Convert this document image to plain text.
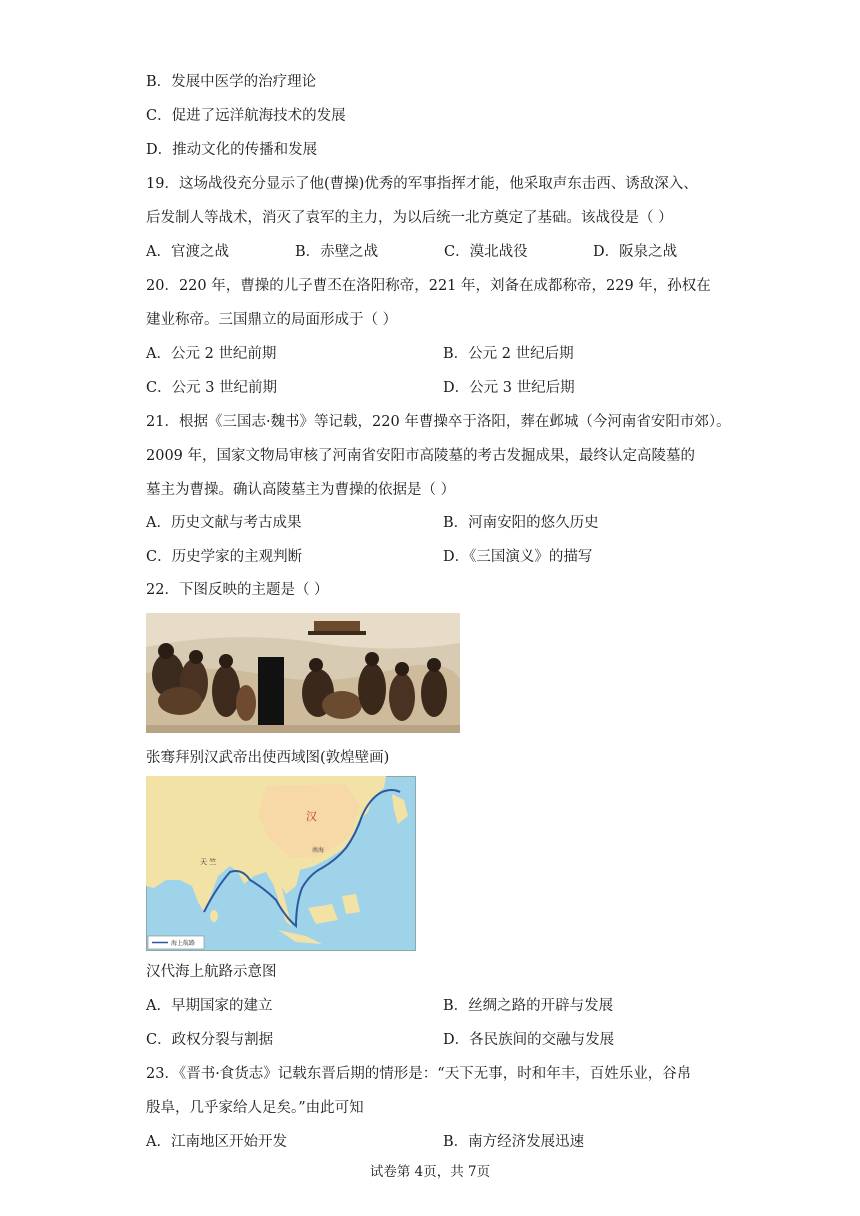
B．发展中医学的治疗理论
C．促进了远洋航海技术的发展
D．推动文化的传播和发展
19．这场战役充分显示了他(曹操)优秀的军事指挥才能，他采取声东击西、诱敌深入、
后发制人等战术，消灭了袁军的主力，为以后统一北方奠定了基础。该战役是（ ）
A．官渡之战	B．赤壁之战	C．漠北战役	D．阪泉之战
20．220 年，曹操的儿子曹丕在洛阳称帝，221 年，刘备在成都称帝，229 年，孙权在
建业称帝。三国鼎立的局面形成于（ ）
A．公元 2 世纪前期	B．公元 2 世纪后期
C．公元 3 世纪前期	D．公元 3 世纪后期
21．根据《三国志·魏书》等记载，220 年曹操卒于洛阳，葬在邺城（今河南省安阳市郊）。
2009 年，国家文物局审核了河南省安阳市高陵墓的考古发掘成果，最终认定高陵墓的
墓主为曹操。确认高陵墓主为曹操的依据是（ ）
A．历史文献与考古成果	B．河南安阳的悠久历史
C．历史学家的主观判断	D．《三国演义》的描写
22．下图反映的主题是（ ）
张骞拜别汉武帝出使西域图(敦煌壁画)
汉
天 竺
南海
海上航路
汉代海上航路示意图
A．早期国家的建立	B．丝绸之路的开辟与发展
C．政权分裂与割据	D．各民族间的交融与发展
23．《晋书·食货志》记载东晋后期的情形是：“天下无事，时和年丰，百姓乐业，谷帛
殷阜，几乎家给人足矣。”由此可知
A．江南地区开始开发	B．南方经济发展迅速
试卷第 4页，共 7页
